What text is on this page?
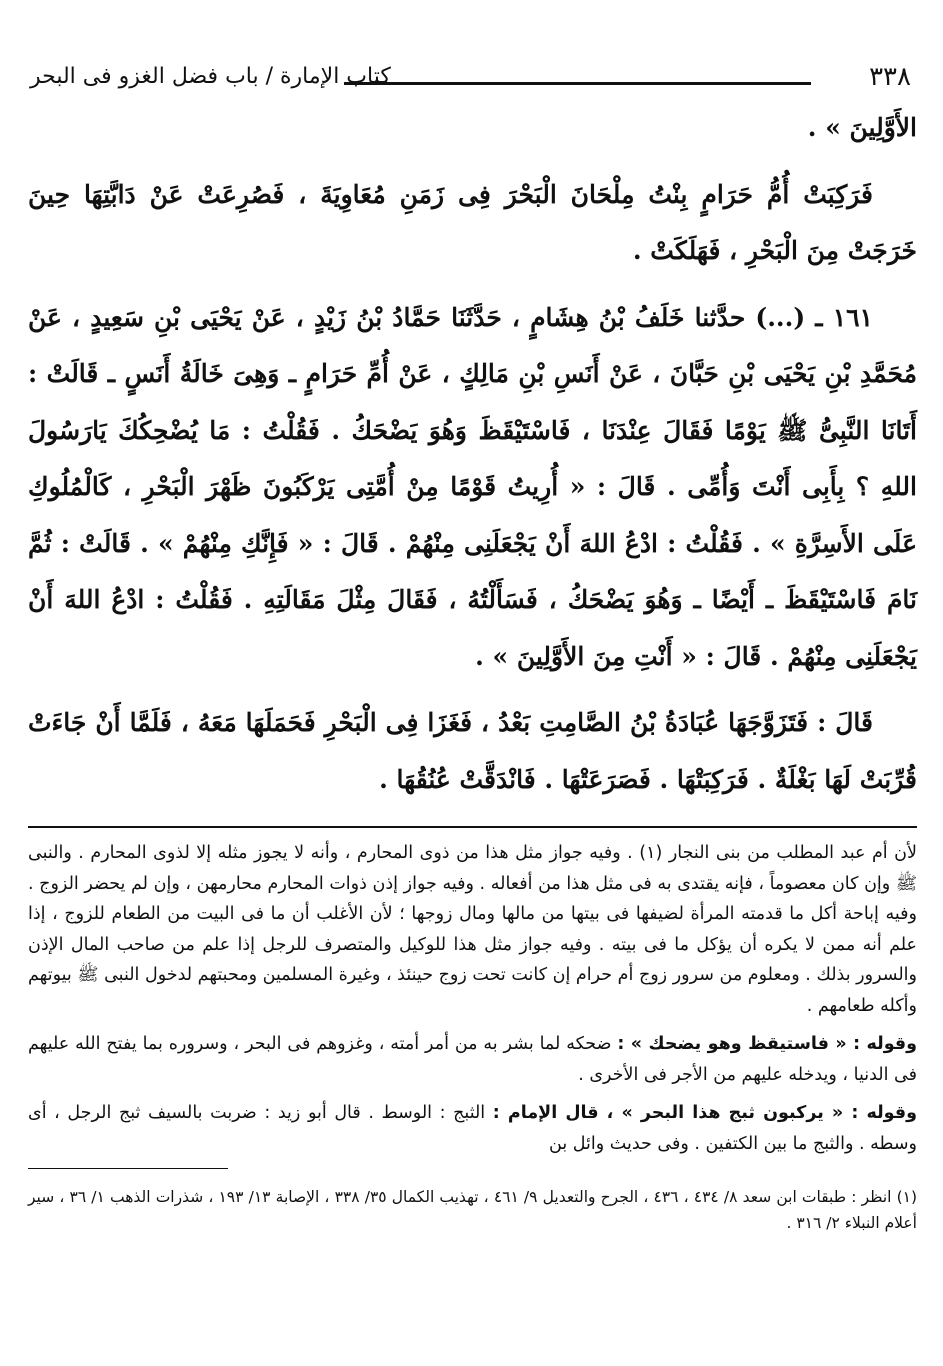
٣٣٨
كتاب الإمارة / باب فضل الغزو فى البحر

الأَوَّلِينَ » .

فَرَكِبَتْ أُمُّ حَرَامٍ بِنْتُ مِلْحَانَ الْبَحْرَ فِى زَمَنِ مُعَاوِيَةَ ، فَصُرِعَتْ عَنْ دَابَّتِهَا حِينَ خَرَجَتْ مِنَ الْبَحْرِ ، فَهَلَكَتْ .

١٦١ ـ (...) حدَّثنا خَلَفُ بْنُ هِشَامٍ ، حَدَّثَنَا حَمَّادُ بْنُ زَيْدٍ ، عَنْ يَحْيَى بْنِ سَعِيدٍ ، عَنْ مُحَمَّدِ بْنِ يَحْيَى بْنِ حَبَّانَ ، عَنْ أَنَسِ بْنِ مَالِكٍ ، عَنْ أُمِّ حَرَامٍ ـ وَهِىَ خَالَةُ أَنَسٍ ـ قَالَتْ : أَتَانَا النَّبِىُّ ﷺ يَوْمًا فَقَالَ عِنْدَنَا ، فَاسْتَيْقَظَ وَهُوَ يَضْحَكُ . فَقُلْتُ : مَا يُضْحِكُكَ يَارَسُولَ اللهِ ؟ بِأَبِى أَنْتَ وَأُمِّى . قَالَ : « أُرِيتُ قَوْمًا مِنْ أُمَّتِى يَرْكَبُونَ ظَهْرَ الْبَحْرِ ، كَالْمُلُوكِ عَلَى الأَسِرَّةِ » . فَقُلْتُ : ادْعُ اللهَ أَنْ يَجْعَلَنِى مِنْهُمْ . قَالَ : « فَإِنَّكِ مِنْهُمْ » . قَالَتْ : ثُمَّ نَامَ فَاسْتَيْقَظَ ـ أَيْضًا ـ وَهُوَ يَضْحَكُ ، فَسَأَلْتُهُ ، فَقَالَ مِثْلَ مَقَالَتِهِ . فَقُلْتُ : ادْعُ اللهَ أَنْ يَجْعَلَنِى مِنْهُمْ . قَالَ : « أَنْتِ مِنَ الأَوَّلِينَ » .

قَالَ : فَتَزَوَّجَهَا عُبَادَةُ بْنُ الصَّامِتِ بَعْدُ ، فَغَزَا فِى الْبَحْرِ فَحَمَلَهَا مَعَهُ ، فَلَمَّا أَنْ جَاءَتْ قُرِّبَتْ لَهَا بَغْلَةٌ . فَرَكِبَتْهَا . فَصَرَعَتْهَا . فَانْدَقَّتْ عُنُقُهَا .

لأن أم عبد المطلب من بنى النجار (١) . وفيه جواز مثل هذا من ذوى المحارم ، وأنه لا يجوز مثله إلا لذوى المحارم . والنبى ﷺ وإن كان معصوماً ، فإنه يقتدى به فى مثل هذا من أفعاله . وفيه جواز إذن ذوات المحارم محارمهن ، وإن لم يحضر الزوج . وفيه إباحة أكل ما قدمته المرأة لضيفها فى بيتها من مالها ومال زوجها ؛ لأن الأغلب أن ما فى البيت من الطعام للزوج ، إذا علم أنه ممن لا يكره أن يؤكل ما فى بيته . وفيه جواز مثل هذا للوكيل والمتصرف للرجل إذا علم من صاحب المال الإذن والسرور بذلك . ومعلوم من سرور زوج أم حرام إن كانت تحت زوج حينئذ ، وغيرة المسلمين ومحبتهم لدخول النبى ﷺ بيوتهم وأكله طعامهم .

وقوله : « فاستيقظ وهو يضحك » : ضحكه لما بشر به من أمر أمته ، وغزوهم فى البحر ، وسروره بما يفتح الله عليهم فى الدنيا ، ويدخله عليهم من الأجر فى الأخرى .

وقوله : « يركبون ثبج هذا البحر » ، قال الإمام : الثبج : الوسط . قال أبو زيد : ضربت بالسيف ثبج الرجل ، أى وسطه . والثبج ما بين الكتفين . وفى حديث وائل بن

(١) انظر : طبقات ابن سعد ٨/ ٤٣٤ ، ٤٣٦ ، الجرح والتعديل ٩/ ٤٦١ ، تهذيب الكمال ٣٥/ ٣٣٨ ، الإصابة ١٣/ ١٩٣ ، شذرات الذهب ١/ ٣٦ ، سير أعلام النبلاء ٢/ ٣١٦ .
